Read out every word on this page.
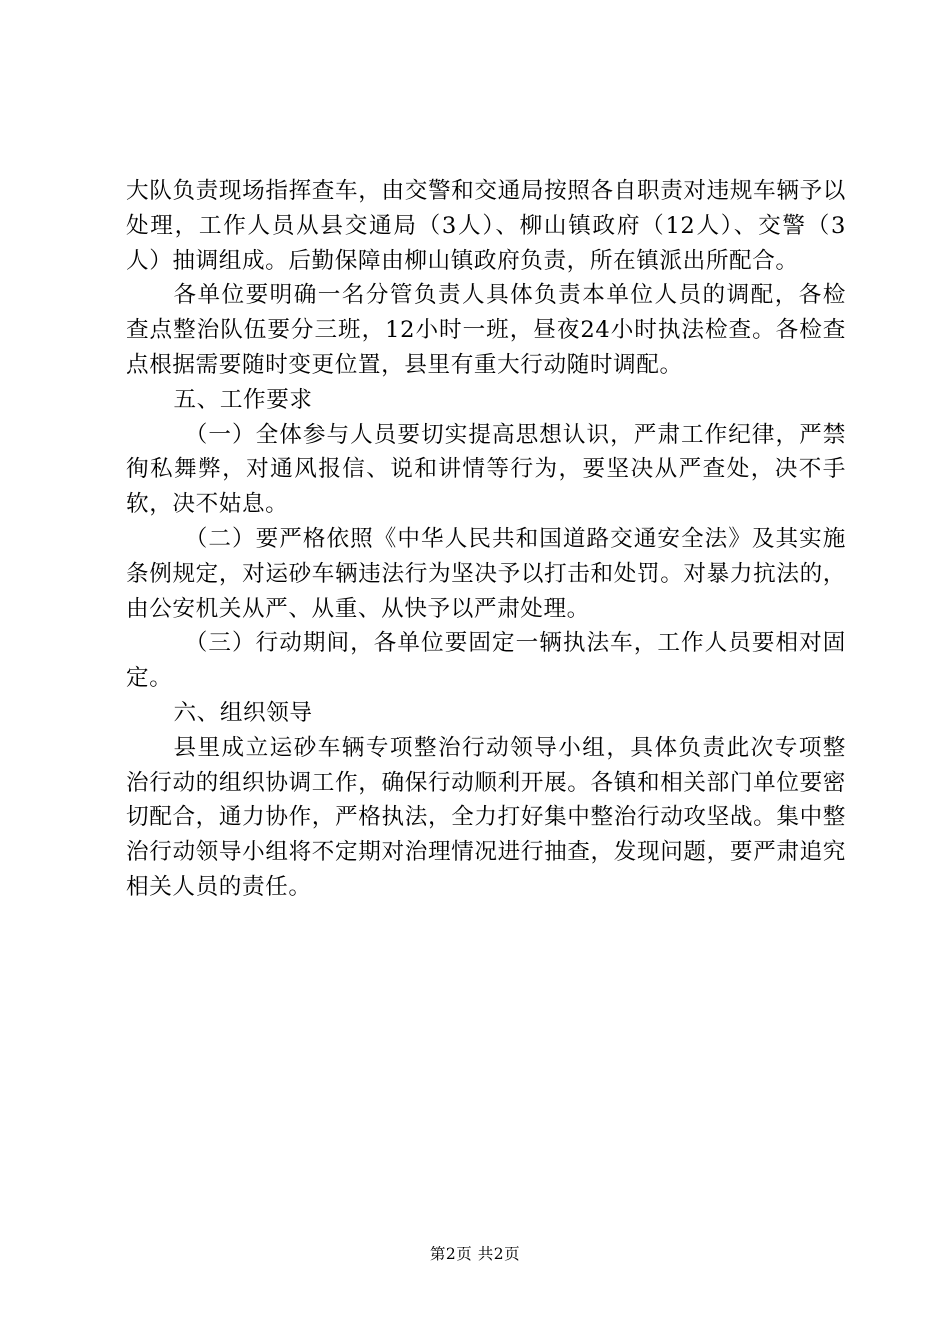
大队负责现场指挥查车，由交警和交通局按照各自职责对违规车辆予以处理，工作人员从县交通局（3人）、柳山镇政府（12人）、交警（3人）抽调组成。后勤保障由柳山镇政府负责，所在镇派出所配合。

各单位要明确一名分管负责人具体负责本单位人员的调配，各检查点整治队伍要分三班，12小时一班，昼夜24小时执法检查。各检查点根据需要随时变更位置，县里有重大行动随时调配。

五、工作要求

（一）全体参与人员要切实提高思想认识，严肃工作纪律，严禁徇私舞弊，对通风报信、说和讲情等行为，要坚决从严查处，决不手软，决不姑息。

（二）要严格依照《中华人民共和国道路交通安全法》及其实施条例规定，对运砂车辆违法行为坚决予以打击和处罚。对暴力抗法的，由公安机关从严、从重、从快予以严肃处理。

（三）行动期间，各单位要固定一辆执法车，工作人员要相对固定。

六、组织领导

县里成立运砂车辆专项整治行动领导小组，具体负责此次专项整治行动的组织协调工作，确保行动顺利开展。各镇和相关部门单位要密切配合，通力协作，严格执法，全力打好集中整治行动攻坚战。集中整治行动领导小组将不定期对治理情况进行抽查，发现问题，要严肃追究相关人员的责任。

第2页 共2页
